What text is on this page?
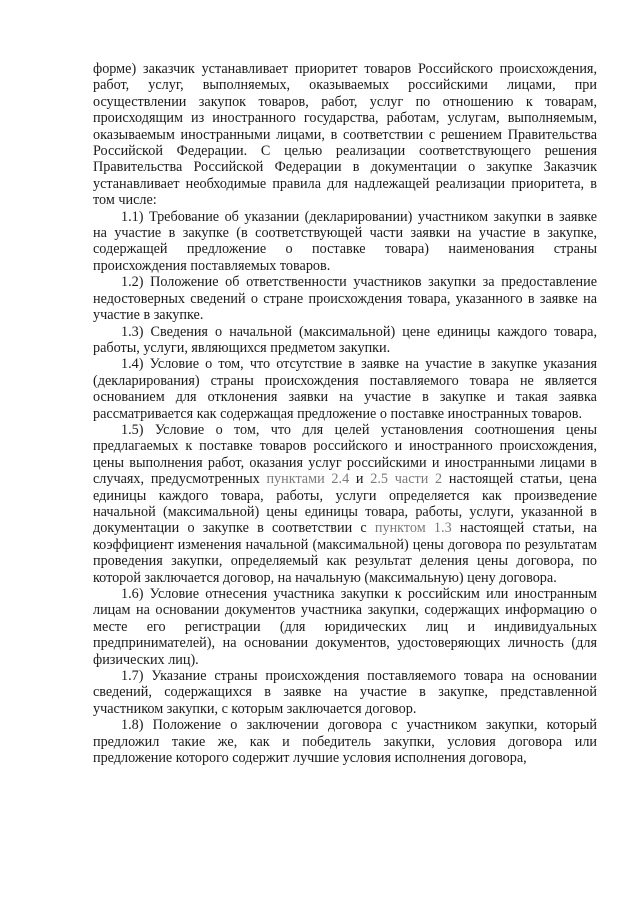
форме) заказчик устанавливает приоритет товаров Российского происхождения, работ, услуг, выполняемых, оказываемых российскими лицами, при осуществлении закупок товаров, работ, услуг по отношению к товарам, происходящим из иностранного государства, работам, услугам, выполняемым, оказываемым иностранными лицами, в соответствии с решением Правительства Российской Федерации. С целью реализации соответствующего решения Правительства Российской Федерации в документации о закупке Заказчик устанавливает необходимые правила для надлежащей реализации приоритета, в том числе:

1.1) Требование об указании (декларировании) участником закупки в заявке на участие в закупке (в соответствующей части заявки на участие в закупке, содержащей предложение о поставке товара) наименования страны происхождения поставляемых товаров.

1.2) Положение об ответственности участников закупки за предоставление недостоверных сведений о стране происхождения товара, указанного в заявке на участие в закупке.

1.3) Сведения о начальной (максимальной) цене единицы каждого товара, работы, услуги, являющихся предметом закупки.

1.4) Условие о том, что отсутствие в заявке на участие в закупке указания (декларирования) страны происхождения поставляемого товара не является основанием для отклонения заявки на участие в закупке и такая заявка рассматривается как содержащая предложение о поставке иностранных товаров.

1.5) Условие о том, что для целей установления соотношения цены предлагаемых к поставке товаров российского и иностранного происхождения, цены выполнения работ, оказания услуг российскими и иностранными лицами в случаях, предусмотренных пунктами 2.4 и 2.5 части 2 настоящей статьи, цена единицы каждого товара, работы, услуги определяется как произведение начальной (максимальной) цены единицы товара, работы, услуги, указанной в документации о закупке в соответствии с пунктом 1.3 настоящей статьи, на коэффициент изменения начальной (максимальной) цены договора по результатам проведения закупки, определяемый как результат деления цены договора, по которой заключается договор, на начальную (максимальную) цену договора.

1.6) Условие отнесения участника закупки к российским или иностранным лицам на основании документов участника закупки, содержащих информацию о месте его регистрации (для юридических лиц и индивидуальных предпринимателей), на основании документов, удостоверяющих личность (для физических лиц).

1.7) Указание страны происхождения поставляемого товара на основании сведений, содержащихся в заявке на участие в закупке, представленной участником закупки, с которым заключается договор.

1.8) Положение о заключении договора с участником закупки, который предложил такие же, как и победитель закупки, условия договора или предложение которого содержит лучшие условия исполнения договора,
